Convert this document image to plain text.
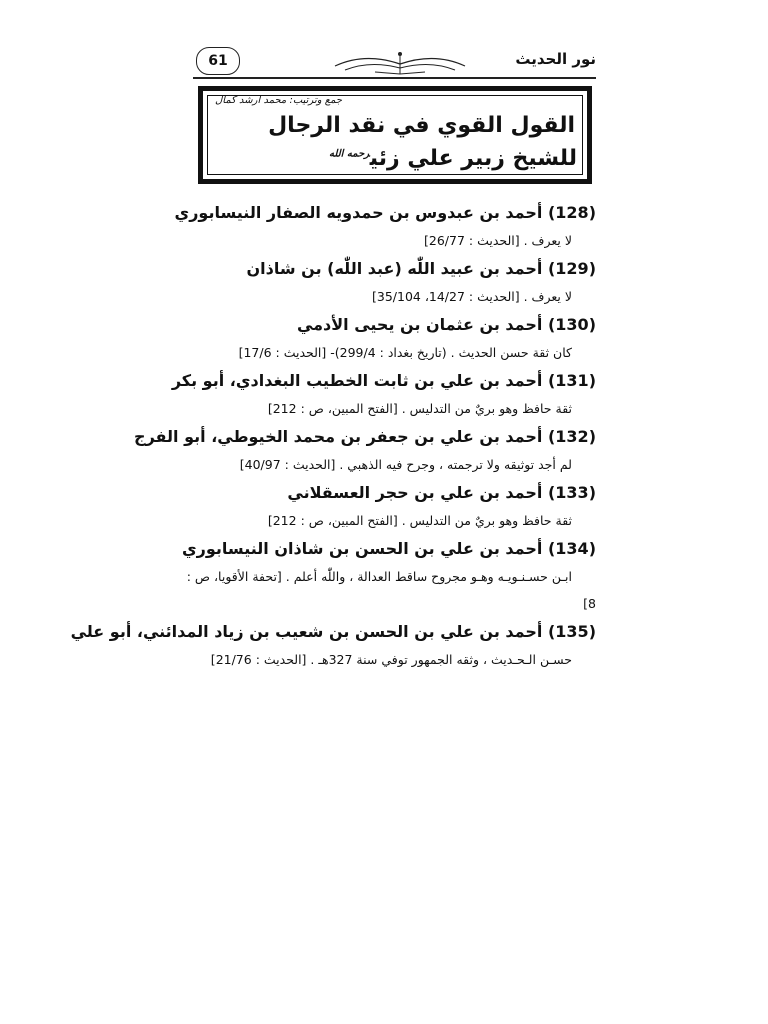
61	نور الحديث
جمع وترتيب: محمد ارشد كمال
القول القوي في نقد الرجال
للشيخ زبير علي زئي$^{رحمه الله}$
(128) أحمد بن عبدوس بن حمدويه الصفار النيسابوري
لا يعرف . [الحديث : 26/77]
(129) أحمد بن عبيد اللّٰه (عبد اللّٰه) بن شاذان
لا يعرف . [الحديث : 14/27، 35/104]
(130) أحمد بن عثمان بن يحيى الأدمي
كان ثقة حسن الحديث . (تاريخ بغداد : 299/4)- [الحديث : 17/6]
(131) أحمد بن علي بن ثابت الخطيب البغدادي، أبو بكر
ثقة حافظ وهو بريٌ من التدليس . [الفتح المبين، ص : 212]
(132) أحمد بن علي بن جعفر بن محمد الخيوطي، أبو الفرج
لم أجد توثيقه ولا ترجمته ، وجرح فيه الذهبي . [الحديث : 40/97]
(133) أحمد بن علي بن حجر العسقلاني
ثقة حافظ وهو بريٌ من التدليس . [الفتح المبين، ص : 212]
(134) أحمد بن علي بن الحسن بن شاذان النيسابوري
ابـن حسـنـويـه وهـو مجروح ساقط العدالة ، واللّٰه أعلم . [تحفة الأقويا، ص : 8]
(135) أحمد بن علي بن الحسن بن شعيب بن زياد المدائني، أبو علي
حسـن الـحـديث ، وثقه الجمهور توفي سنة 327هـ . [الحديث : 21/76]
